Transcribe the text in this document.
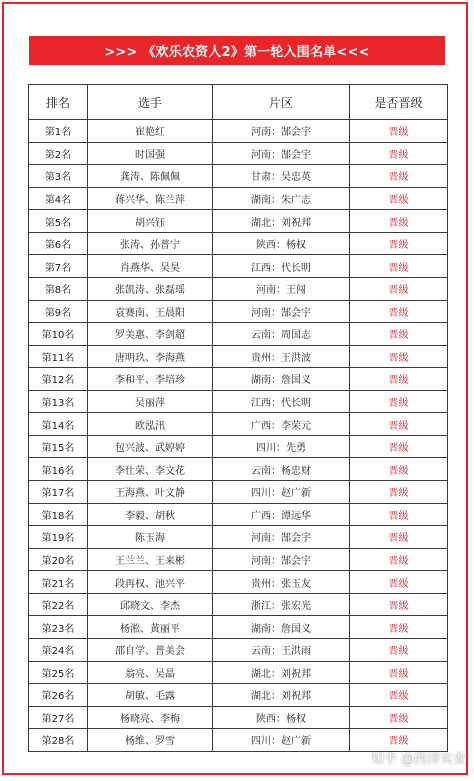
>>> 《欢乐农资人2》第一轮入围名单<<<
排名	选手	片区	是否晋级
第1名	崔艳红	河南：郜会宇	晋级
第2名	时国强	河南：郜会宇	晋级
第3名	龚涛、陈佩佩	甘肃：吴忠英	晋级
第4名	蒋兴华、陈兰萍	湖南：朱广志	晋级
第5名	胡兴钰	湖北：刘祝邦	晋级
第6名	张涛、孙普宁	陕西：杨权	晋级
第7名	肖燕华、吴昊	江西：代长明	晋级
第8名	张凯涛、张磊瑶	河南：王闯	晋级
第9名	袁赛南、王晨阳	河南：郜会宇	晋级
第10名	罗美惠、李剑超	云南：周国志	晋级
第11名	唐明玖、李海燕	贵州：王洪波	晋级
第12名	李和平、李培珍	湖南：詹国义	晋级
第13名	吴丽萍	江西：代长明	晋级
第14名	欧泓汛	广西：李荣元	晋级
第15名	包兴波、武婷婷	四川：先勇	晋级
第16名	李仕荣、李文花	云南：杨忠财	晋级
第17名	王海燕、叶文静	四川：赵广新	晋级
第18名	李毅、胡秋	广西：谭远华	晋级
第19名	陈玉海	河南：郜会宇	晋级
第20名	王兰兰、王来彬	河南：郜会宇	晋级
第21名	段再权、池兴平	贵州：张玉友	晋级
第22名	邱晓文、李杰	浙江：张宏光	晋级
第23名	杨淞、黄丽平	湖南：詹国义	晋级
第24名	邵自学、普美会	云南：王洪雨	晋级
第25名	翁亮、吴晶	湖北：刘祝邦	晋级
第26名	胡敏、毛露	湖北：刘祝邦	晋级
第27名	杨晓亮、李梅	陕西：杨权	晋级
第28名	杨维、罗雪	四川：赵广新	晋级
知乎 @西泽实业
